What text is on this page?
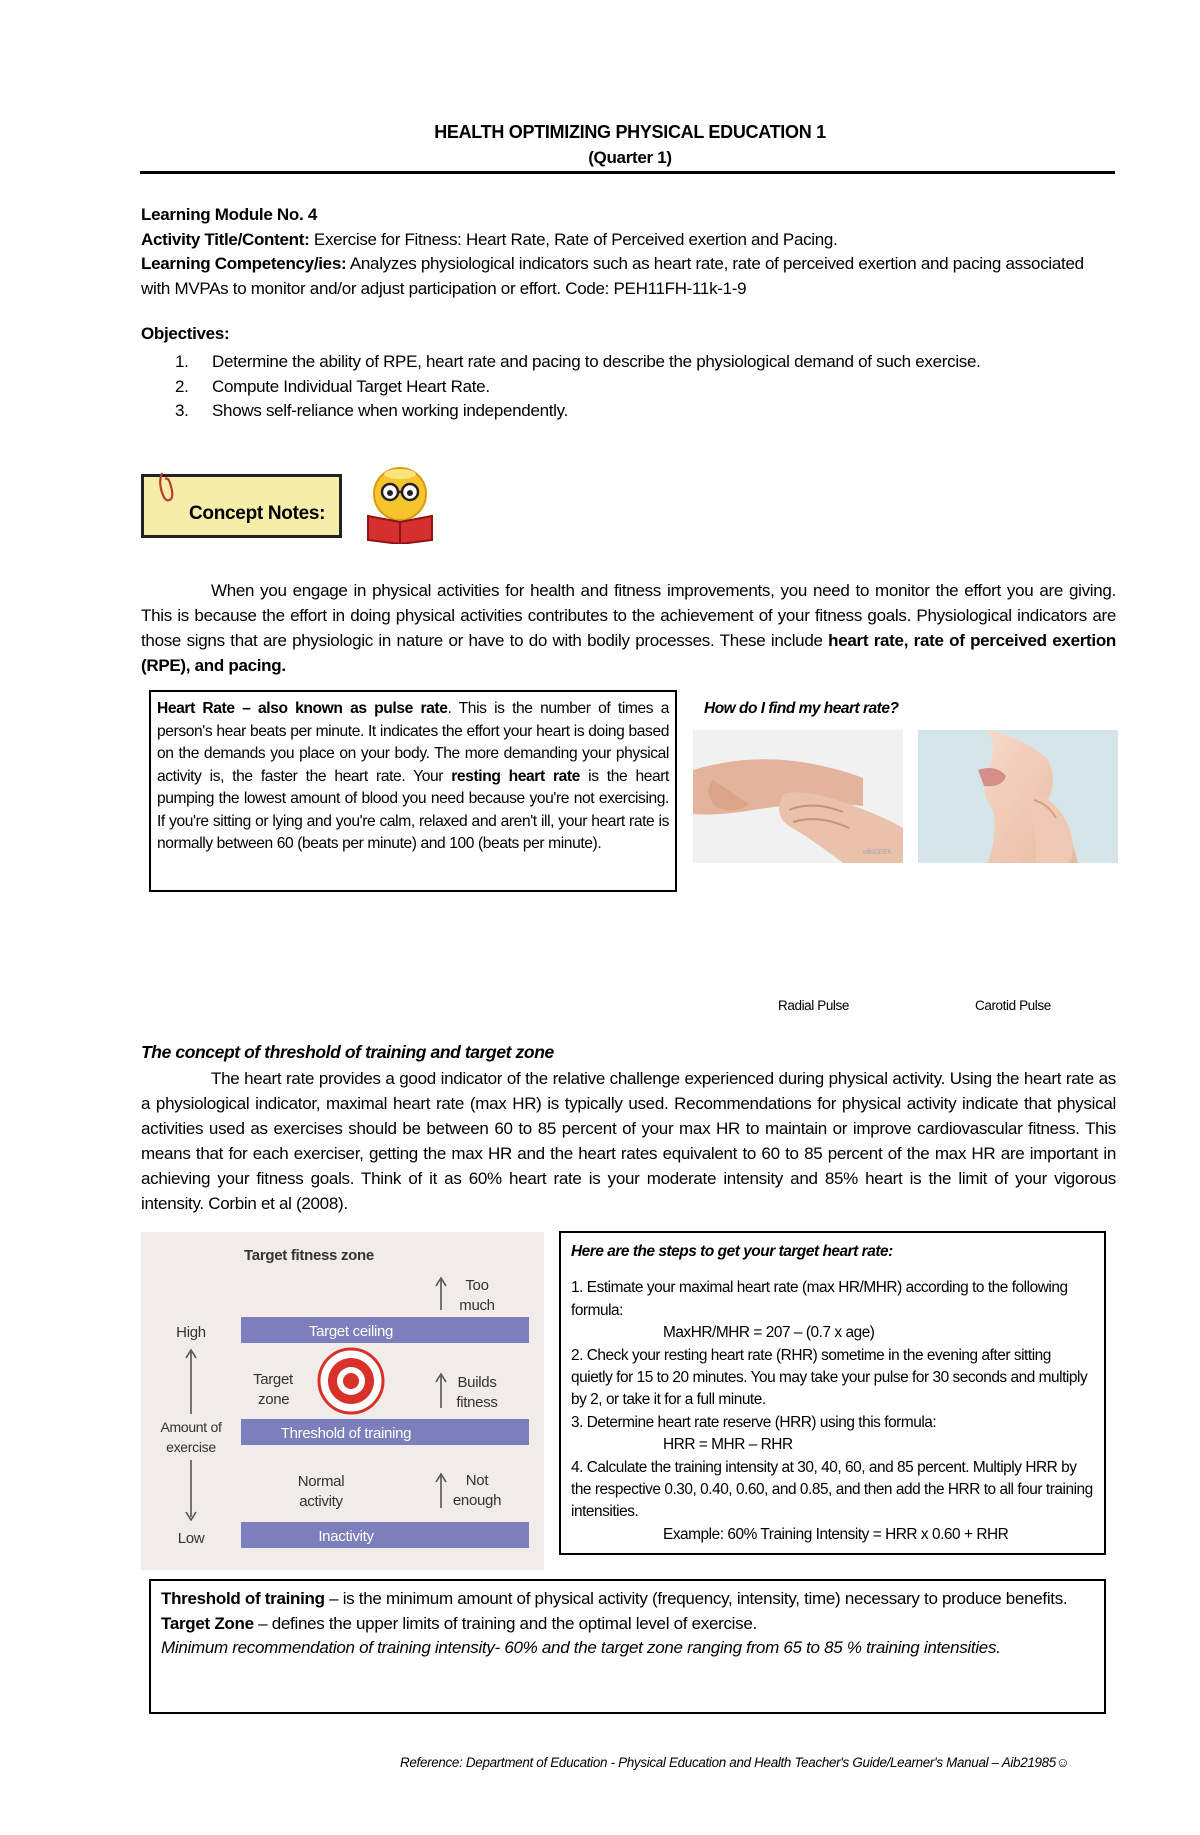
HEALTH OPTIMIZING PHYSICAL EDUCATION 1
(Quarter 1)
Learning Module No. 4
Activity Title/Content: Exercise for Fitness: Heart Rate, Rate of Perceived exertion and Pacing.
Learning Competency/ies: Analyzes physiological indicators such as heart rate, rate of perceived exertion and pacing associated with MVPAs to monitor and/or adjust participation or effort. Code: PEH11FH-11k-1-9
Objectives:
1. Determine the ability of RPE, heart rate and pacing to describe the physiological demand of such exercise.
2. Compute Individual Target Heart Rate.
3. Shows self-reliance when working independently.
Concept Notes:

When you engage in physical activities for health and fitness improvements, you need to monitor the effort you are giving. This is because the effort in doing physical activities contributes to the achievement of your fitness goals. Physiological indicators are those signs that are physiologic in nature or have to do with bodily processes. These include heart rate, rate of perceived exertion (RPE), and pacing.

Heart Rate – also known as pulse rate. This is the number of times a person's hear beats per minute. It indicates the effort your heart is doing based on the demands you place on your body. The more demanding your physical activity is, the faster the heart rate. Your resting heart rate is the heart pumping the lowest amount of blood you need because you're not exercising. If you're sitting or lying and you're calm, relaxed and aren't ill, your heart rate is normally between 60 (beats per minute) and 100 (beats per minute).
How do I find my heart rate?
wikiGEEK
Radial Pulse	Carotid Pulse
The concept of threshold of training and target zone

The heart rate provides a good indicator of the relative challenge experienced during physical activity. Using the heart rate as a physiological indicator, maximal heart rate (max HR) is typically used. Recommendations for physical activity indicate that physical activities used as exercises should be between 60 to 85 percent of your max HR to maintain or improve cardiovascular fitness. This means that for each exerciser, getting the max HR and the heart rates equivalent to 60 to 85 percent of the max HR are important in achieving your fitness goals. Think of it as 60% heart rate is your moderate intensity and 85% heart is the limit of your vigorous intensity. Corbin et al (2008).

Target fitness zone
Target ceiling
Threshold of training
Inactivity
High
Amount of
exercise
Low
Target
zone
Normal
activity
Too
much
Builds
fitness
Not
enough
Here are the steps to get your target heart rate:
1. Estimate your maximal heart rate (max HR/MHR) according to the following formula:
MaxHR/MHR = 207 – (0.7 x age)
2. Check your resting heart rate (RHR) sometime in the evening after sitting quietly for 15 to 20 minutes. You may take your pulse for 30 seconds and multiply by 2, or take it for a full minute.
3. Determine heart rate reserve (HRR) using this formula:
HRR = MHR – RHR
4. Calculate the training intensity at 30, 40, 60, and 85 percent. Multiply HRR by the respective 0.30, 0.40, 0.60, and 0.85, and then add the HRR to all four training intensities.
Example: 60% Training Intensity = HRR x 0.60 + RHR
Threshold of training – is the minimum amount of physical activity (frequency, intensity, time) necessary to produce benefits.
Target Zone – defines the upper limits of training and the optimal level of exercise.
Minimum recommendation of training intensity- 60% and the target zone ranging from 65 to 85 % training intensities.
Reference: Department of Education - Physical Education and Health Teacher's Guide/Learner's Manual – Aib21985☺
